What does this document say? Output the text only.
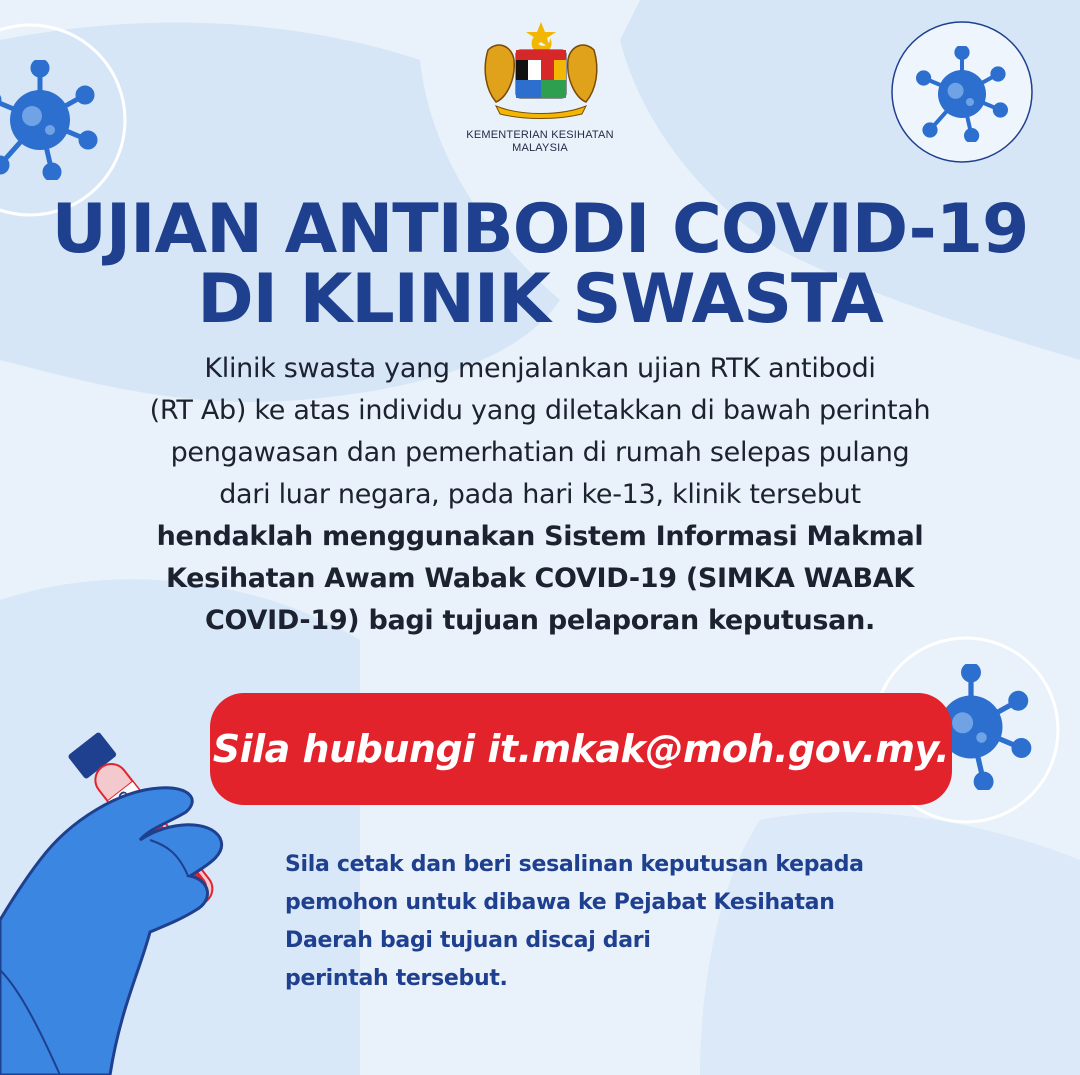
KEMENTERIAN KESIHATAN
MALAYSIA
UJIAN ANTIBODI COVID-19
DI KLINIK SWASTA
Klinik swasta yang menjalankan ujian RTK antibodi
(RT Ab) ke atas individu yang diletakkan di bawah perintah
pengawasan dan pemerhatian di rumah selepas pulang
dari luar negara, pada hari ke-13, klinik tersebut
hendaklah menggunakan Sistem Informasi Makmal
Kesihatan Awam Wabak COVID-19 (SIMKA WABAK
COVID-19) bagi tujuan pelaporan keputusan.
Sila hubungi it.mkak@moh.gov.my.
Sila cetak dan beri sesalinan keputusan kepada
pemohon untuk dibawa ke Pejabat Kesihatan
Daerah bagi tujuan discaj dari
perintah tersebut.
